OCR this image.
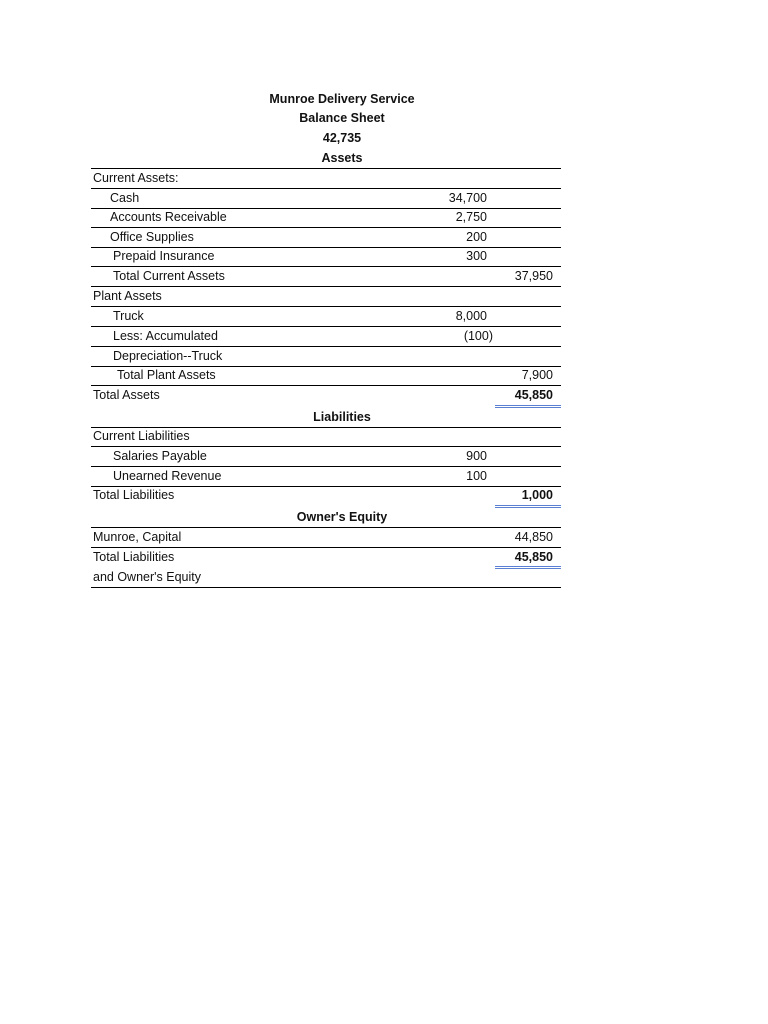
Munroe Delivery Service
Balance Sheet
42,735
Assets
Current Assets:
Cash	34,700
Accounts Receivable	2,750
Office Supplies	200
Prepaid Insurance	300
Total Current Assets	37,950
Plant Assets
Truck	8,000
Less: Accumulated	(100)
Depreciation--Truck
Total Plant Assets	7,900
Total Assets	45,850
Liabilities
Current Liabilities
Salaries Payable	900
Unearned Revenue	100
Total Liabilities	1,000
Owner's Equity
Munroe, Capital	44,850
Total Liabilities	45,850
and Owner's Equity
